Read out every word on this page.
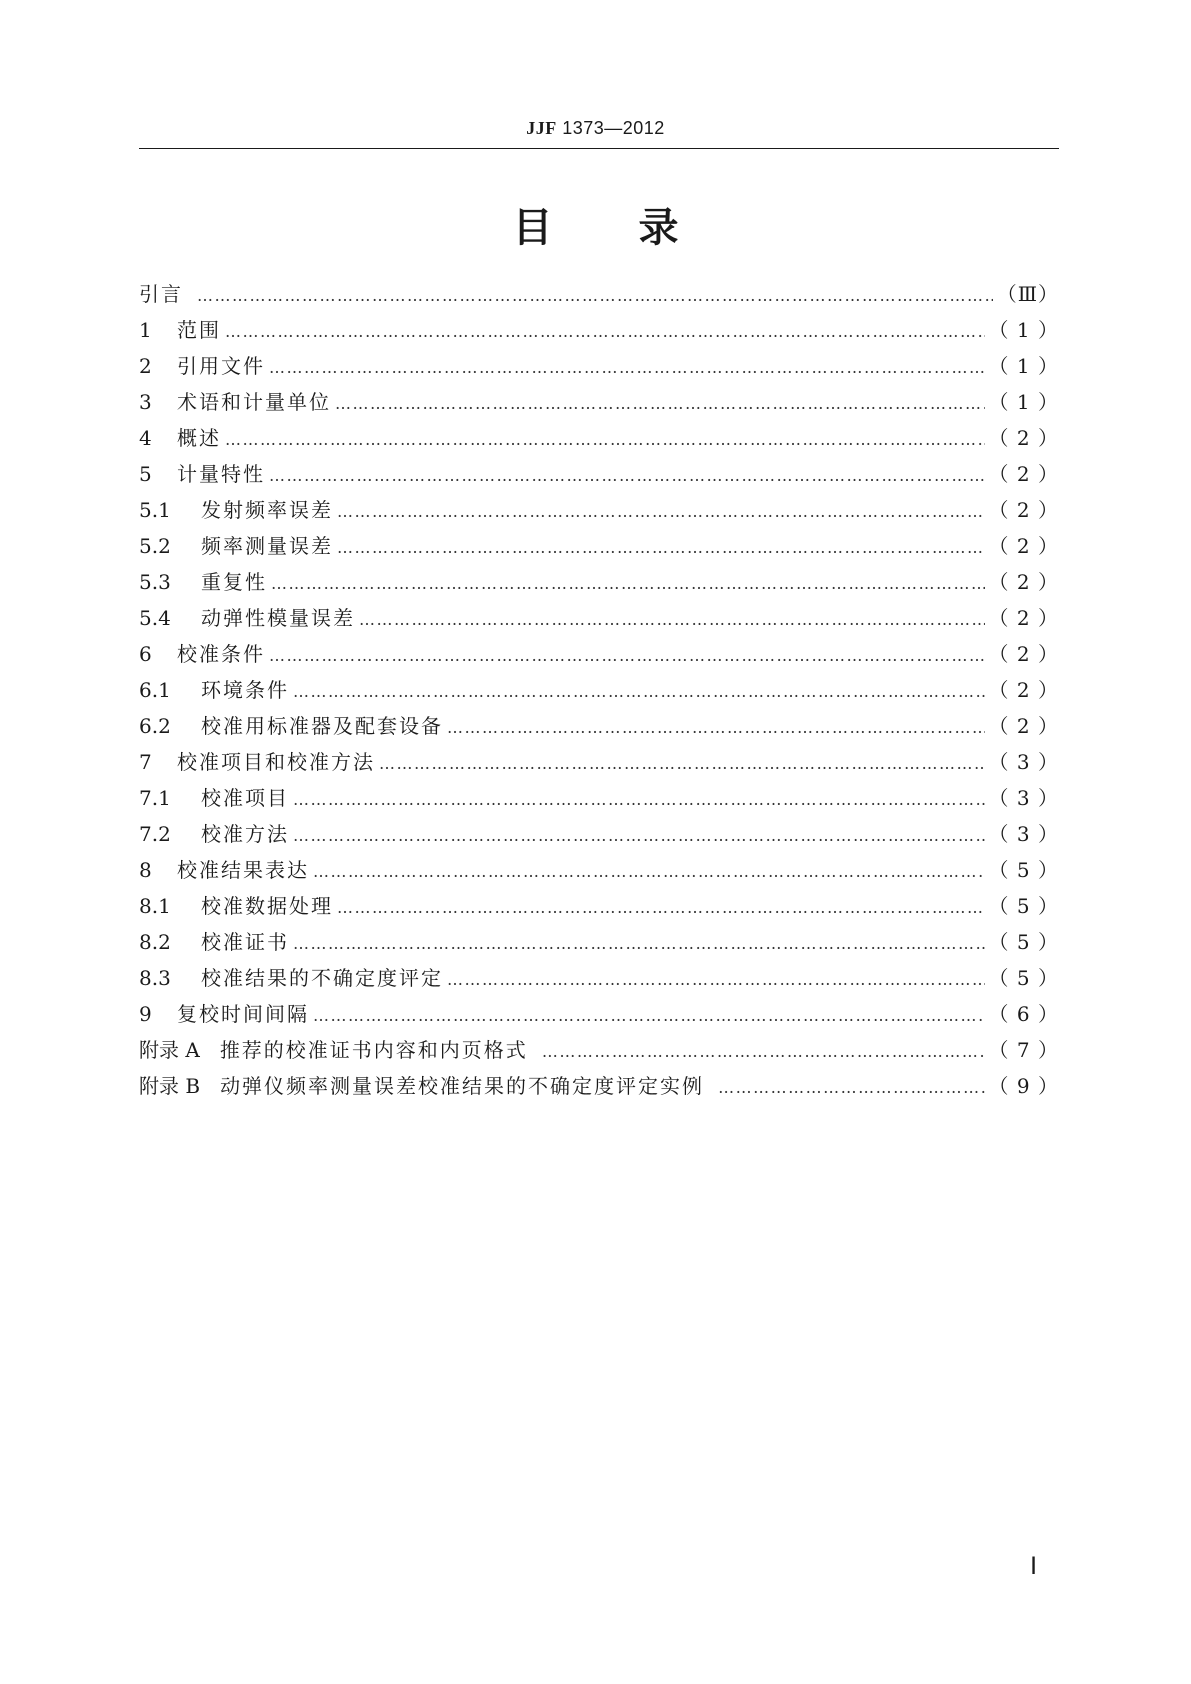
JJF 1373—2012
目 录
引言 …………………………………………………………………………………………………………………………………………………………………………………………………	（Ⅲ）
1	范围 …………………………………………………………………………………………………………………………………………………………………………………………………	（ 1 ）
2	引用文件 …………………………………………………………………………………………………………………………………………………………………………………………………	（ 1 ）
3	术语和计量单位 …………………………………………………………………………………………………………………………………………………………………………………………………	（ 1 ）
4	概述 …………………………………………………………………………………………………………………………………………………………………………………………………	（ 2 ）
5	计量特性 …………………………………………………………………………………………………………………………………………………………………………………………………	（ 2 ）
5.1	发射频率误差 …………………………………………………………………………………………………………………………………………………………………………………………………	（ 2 ）
5.2	频率测量误差 …………………………………………………………………………………………………………………………………………………………………………………………………	（ 2 ）
5.3	重复性 …………………………………………………………………………………………………………………………………………………………………………………………………	（ 2 ）
5.4	动弹性模量误差 …………………………………………………………………………………………………………………………………………………………………………………………………	（ 2 ）
6	校准条件 …………………………………………………………………………………………………………………………………………………………………………………………………	（ 2 ）
6.1	环境条件 …………………………………………………………………………………………………………………………………………………………………………………………………	（ 2 ）
6.2	校准用标准器及配套设备 …………………………………………………………………………………………………………………………………………………………………………………………………	（ 2 ）
7	校准项目和校准方法 …………………………………………………………………………………………………………………………………………………………………………………………………	（ 3 ）
7.1	校准项目 …………………………………………………………………………………………………………………………………………………………………………………………………	（ 3 ）
7.2	校准方法 …………………………………………………………………………………………………………………………………………………………………………………………………	（ 3 ）
8	校准结果表达 …………………………………………………………………………………………………………………………………………………………………………………………………	（ 5 ）
8.1	校准数据处理 …………………………………………………………………………………………………………………………………………………………………………………………………	（ 5 ）
8.2	校准证书 …………………………………………………………………………………………………………………………………………………………………………………………………	（ 5 ）
8.3	校准结果的不确定度评定 …………………………………………………………………………………………………………………………………………………………………………………………………	（ 5 ）
9	复校时间间隔 …………………………………………………………………………………………………………………………………………………………………………………………………	（ 6 ）
附录 A 推荐的校准证书内容和内页格式 …………………………………………………………………………………………………………………………………………………………………………………………………	（ 7 ）
附录 B 动弹仪频率测量误差校准结果的不确定度评定实例 …………………………………………………………………………………………………………………………………………………………………………………………………	（ 9 ）
Ⅰ
